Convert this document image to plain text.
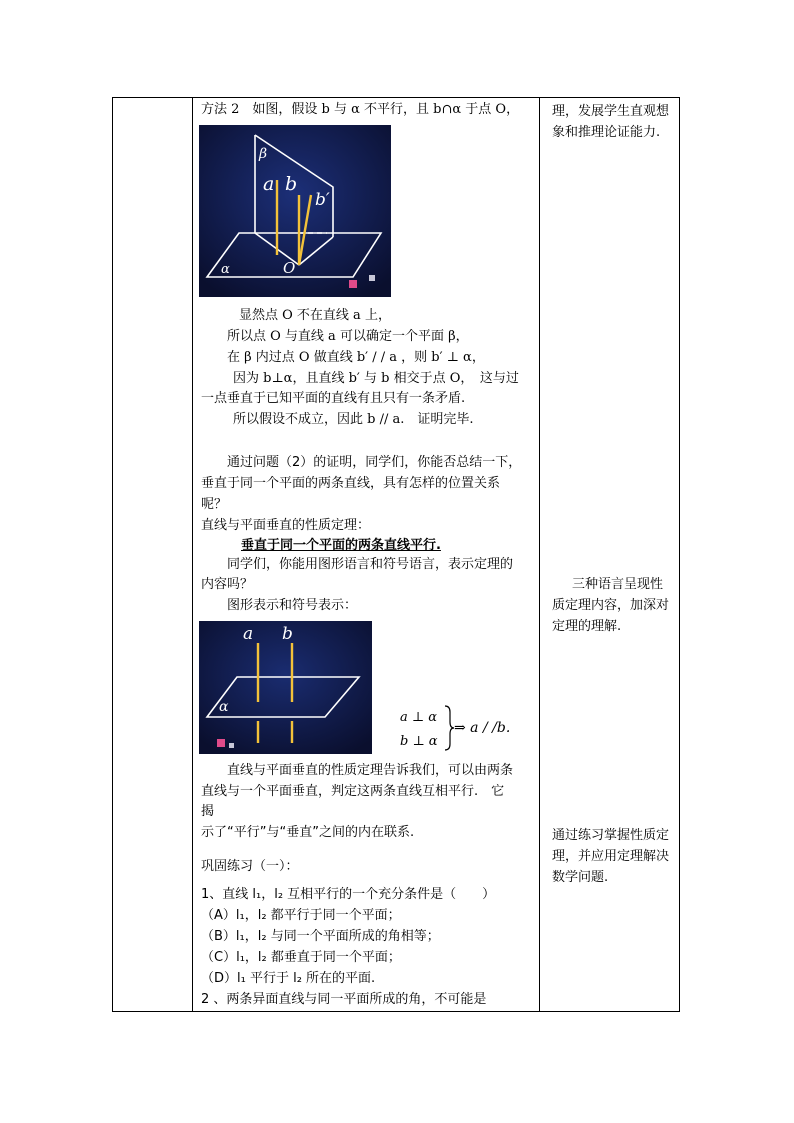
方法 2　如图，假设 b 与 α 不平行，且 b∩α 于点 O，
β
a b
b′
α	O
显然点 O 不在直线 a 上，
所以点 O 与直线 a 可以确定一个平面 β，
在 β 内过点 O 做直线 b′ / / a ，则 b′ ⊥ α，
因为 b⊥α，且直线 b′ 与 b 相交于点 O，　这与过
一点垂直于已知平面的直线有且只有一条矛盾.
所以假设不成立，因此 b // a.　证明完毕.
通过问题（2）的证明，同学们，你能否总结一下，
垂直于同一个平面的两条直线，具有怎样的位置关系
呢？
直线与平面垂直的性质定理：
垂直于同一个平面的两条直线平行.
同学们，你能用图形语言和符号语言，表示定理的
内容吗？
图形表示和符号表示：
a b
α
a ⊥ α
b ⊥ α
⇒ a / /b.
直线与平面垂直的性质定理告诉我们，可以由两条
直线与一个平面垂直，判定这两条直线互相平行.　它
揭
示了“平行”与“垂直”之间的内在联系.
巩固练习（一）：
1、直线 l₁，l₂ 互相平行的一个充分条件是（　　）
（A）l₁，l₂ 都平行于同一个平面；
（B）l₁，l₂ 与同一个平面所成的角相等；
（C）l₁，l₂ 都垂直于同一个平面；
（D）l₁ 平行于 l₂ 所在的平面.
2 、两条异面直线与同一平面所成的角，不可能是
理，发展学生直观想
象和推理论证能力.
三种语言呈现性
质定理内容，加深对
定理的理解.
通过练习掌握性质定
理，并应用定理解决
数学问题.
